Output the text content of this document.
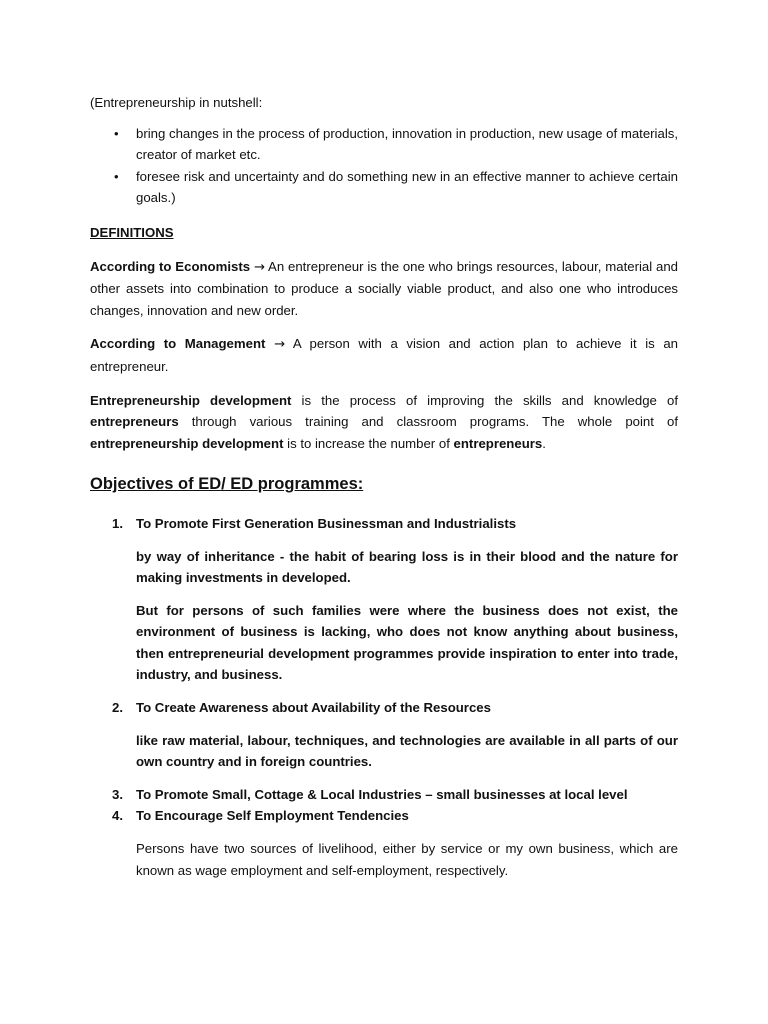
(Entrepreneurship in nutshell:

• bring changes in the process of production, innovation in production, new usage of materials, creator of market etc.
• foresee risk and uncertainty and do something new in an effective manner to achieve certain goals.)

DEFINITIONS

According to Economists → An entrepreneur is the one who brings resources, labour, material and other assets into combination to produce a socially viable product, and also one who introduces changes, innovation and new order.

According to Management → A person with a vision and action plan to achieve it is an entrepreneur.

Entrepreneurship development is the process of improving the skills and knowledge of entrepreneurs through various training and classroom programs. The whole point of entrepreneurship development is to increase the number of entrepreneurs.

Objectives of ED/ ED programmes:

1. To Promote First Generation Businessman and Industrialists

by way of inheritance - the habit of bearing loss is in their blood and the nature for making investments in developed.

But for persons of such families were where the business does not exist, the environment of business is lacking, who does not know anything about business, then entrepreneurial development programmes provide inspiration to enter into trade, industry, and business.

2. To Create Awareness about Availability of the Resources

like raw material, labour, techniques, and technologies are available in all parts of our own country and in foreign countries.

3. To Promote Small, Cottage & Local Industries – small businesses at local level
4. To Encourage Self Employment Tendencies

Persons have two sources of livelihood, either by service or my own business, which are known as wage employment and self-employment, respectively.
